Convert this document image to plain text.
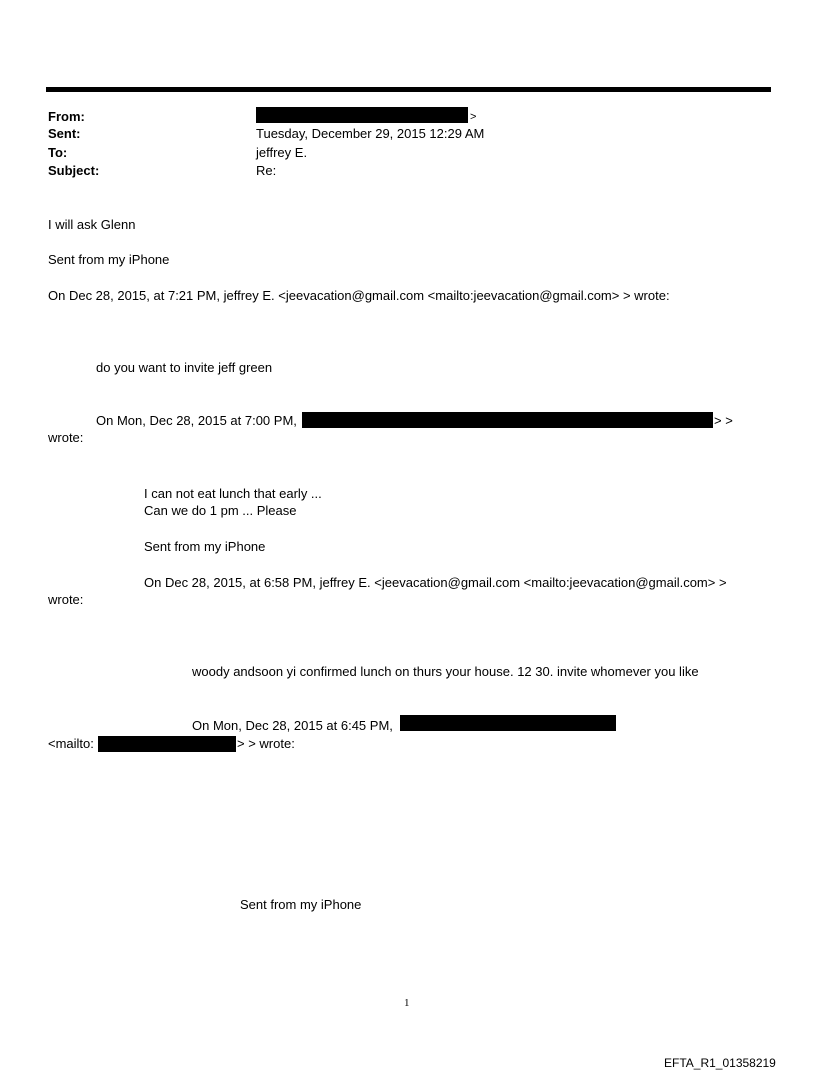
From:	>
Sent:	Tuesday, December 29, 2015 12:29 AM
To:	jeffrey E.
Subject:	Re:
I will ask Glenn
Sent from my iPhone
On Dec 28, 2015, at 7:21 PM, jeffrey E. <jeevacation@gmail.com <mailto:jeevacation@gmail.com> > wrote:
do you want to invite jeff green
On Mon, Dec 28, 2015 at 7:00 PM,	> >
wrote:
I can not eat lunch that early ...
Can we do 1 pm ... Please
Sent from my iPhone
On Dec 28, 2015, at 6:58 PM, jeffrey E. <jeevacation@gmail.com <mailto:jeevacation@gmail.com> >
wrote:
woody andsoon yi confirmed lunch on thurs your house. 12 30. invite whomever you like
On Mon, Dec 28, 2015 at 6:45 PM,
<mailto:	> > wrote:
Sent from my iPhone
1
EFTA_R1_01358219
